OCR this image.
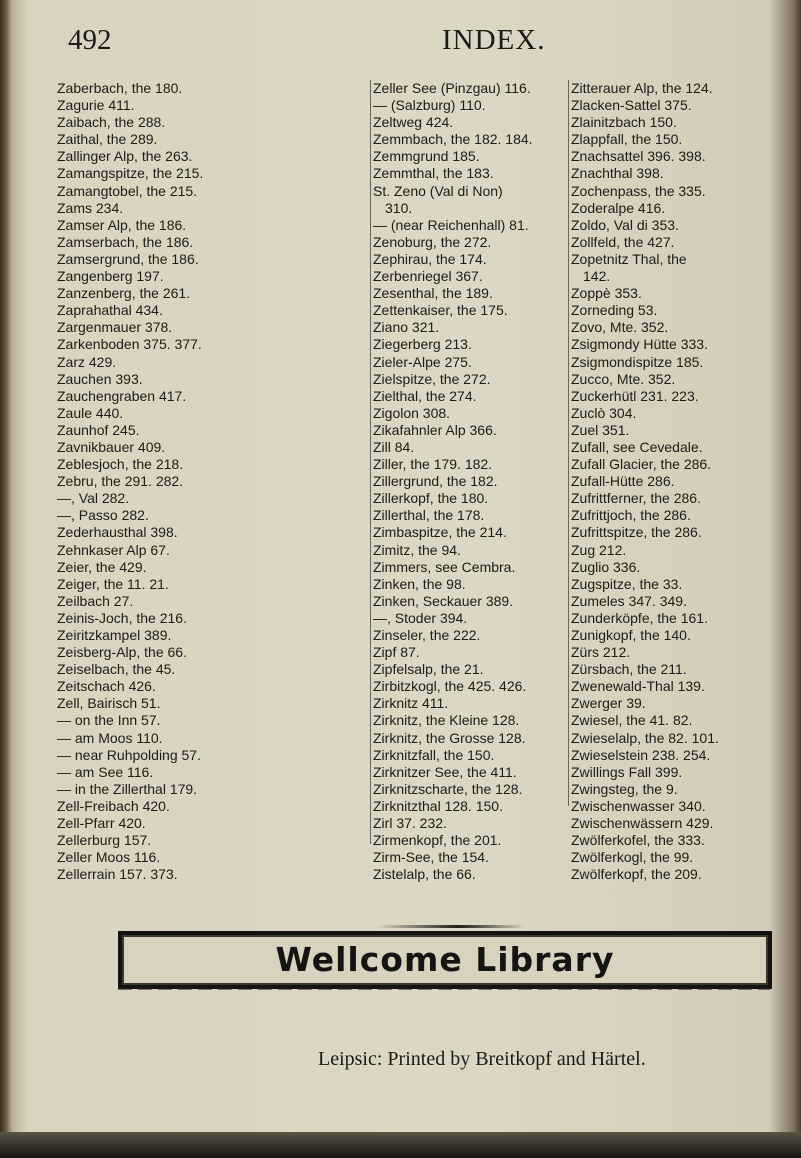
492	INDEX.
Zaberbach, the 180.
Zagurie 411.
Zaibach, the 288.
Zaithal, the 289.
Zallinger Alp, the 263.
Zamangspitze, the 215.
Zamangtobel, the 215.
Zams 234.
Zamser Alp, the 186.
Zamserbach, the 186.
Zamsergrund, the 186.
Zangenberg 197.
Zanzenberg, the 261.
Zaprahathal 434.
Zargenmauer 378.
Zarkenboden 375. 377.
Zarz 429.
Zauchen 393.
Zauchengraben 417.
Zaule 440.
Zaunhof 245.
Zavnikbauer 409.
Zeblesjoch, the 218.
Zebru, the 291. 282.
—, Val 282.
—, Passo 282.
Zederhausthal 398.
Zehnkaser Alp 67.
Zeier, the 429.
Zeiger, the 11. 21.
Zeilbach 27.
Zeinis-Joch, the 216.
Zeiritzkampel 389.
Zeisberg-Alp, the 66.
Zeiselbach, the 45.
Zeitschach 426.
Zell, Bairisch 51.
— on the Inn 57.
— am Moos 110.
— near Ruhpolding 57.
— am See 116.
— in the Zillerthal 179.
Zell-Freibach 420.
Zell-Pfarr 420.
Zellerburg 157.
Zeller Moos 116.
Zellerrain 157. 373.
Zeller See (Pinzgau) 116.
— (Salzburg) 110.
Zeltweg 424.
Zemmbach, the 182. 184.
Zemmgrund 185.
Zemmthal, the 183.
St. Zeno (Val di Non)
310.
— (near Reichenhall) 81.
Zenoburg, the 272.
Zephirau, the 174.
Zerbenriegel 367.
Zesenthal, the 189.
Zettenkaiser, the 175.
Ziano 321.
Ziegerberg 213.
Zieler-Alpe 275.
Zielspitze, the 272.
Zielthal, the 274.
Zigolon 308.
Zikafahnler Alp 366.
Zill 84.
Ziller, the 179. 182.
Zillergrund, the 182.
Zillerkopf, the 180.
Zillerthal, the 178.
Zimbaspitze, the 214.
Zimitz, the 94.
Zimmers, see Cembra.
Zinken, the 98.
Zinken, Seckauer 389.
—, Stoder 394.
Zinseler, the 222.
Zipf 87.
Zipfelsalp, the 21.
Zirbitzkogl, the 425. 426.
Zirknitz 411.
Zirknitz, the Kleine 128.
Zirknitz, the Grosse 128.
Zirknitzfall, the 150.
Zirknitzer See, the 411.
Zirknitzscharte, the 128.
Zirknitzthal 128. 150.
Zirl 37. 232.
Zirmenkopf, the 201.
Zirm-See, the 154.
Zistelalp, the 66.
Zitterauer Alp, the 124.
Zlacken-Sattel 375.
Zlainitzbach 150.
Zlappfall, the 150.
Znachsattel 396. 398.
Znachthal 398.
Zochenpass, the 335.
Zoderalpe 416.
Zoldo, Val di 353.
Zollfeld, the 427.
Zopetnitz Thal, the
142.
Zoppè 353.
Zorneding 53.
Zovo, Mte. 352.
Zsigmondy Hütte 333.
Zsigmondispitze 185.
Zucco, Mte. 352.
Zuckerhütl 231. 223.
Zuclò 304.
Zuel 351.
Zufall, see Cevedale.
Zufall Glacier, the 286.
Zufall-Hütte 286.
Zufrittferner, the 286.
Zufrittjoch, the 286.
Zufrittspitze, the 286.
Zug 212.
Zuglio 336.
Zugspitze, the 33.
Zumeles 347. 349.
Zunderköpfe, the 161.
Zunigkopf, the 140.
Zürs 212.
Zürsbach, the 211.
Zwenewald-Thal 139.
Zwerger 39.
Zwiesel, the 41. 82.
Zwieselalp, the 82. 101.
Zwieselstein 238. 254.
Zwillings Fall 399.
Zwingsteg, the 9.
Zwischenwasser 340.
Zwischenwässern 429.
Zwölferkofel, the 333.
Zwölferkogl, the 99.
Zwölferkopf, the 209.
Wellcome Library
Leipsic: Printed by Breitkopf and Härtel.
